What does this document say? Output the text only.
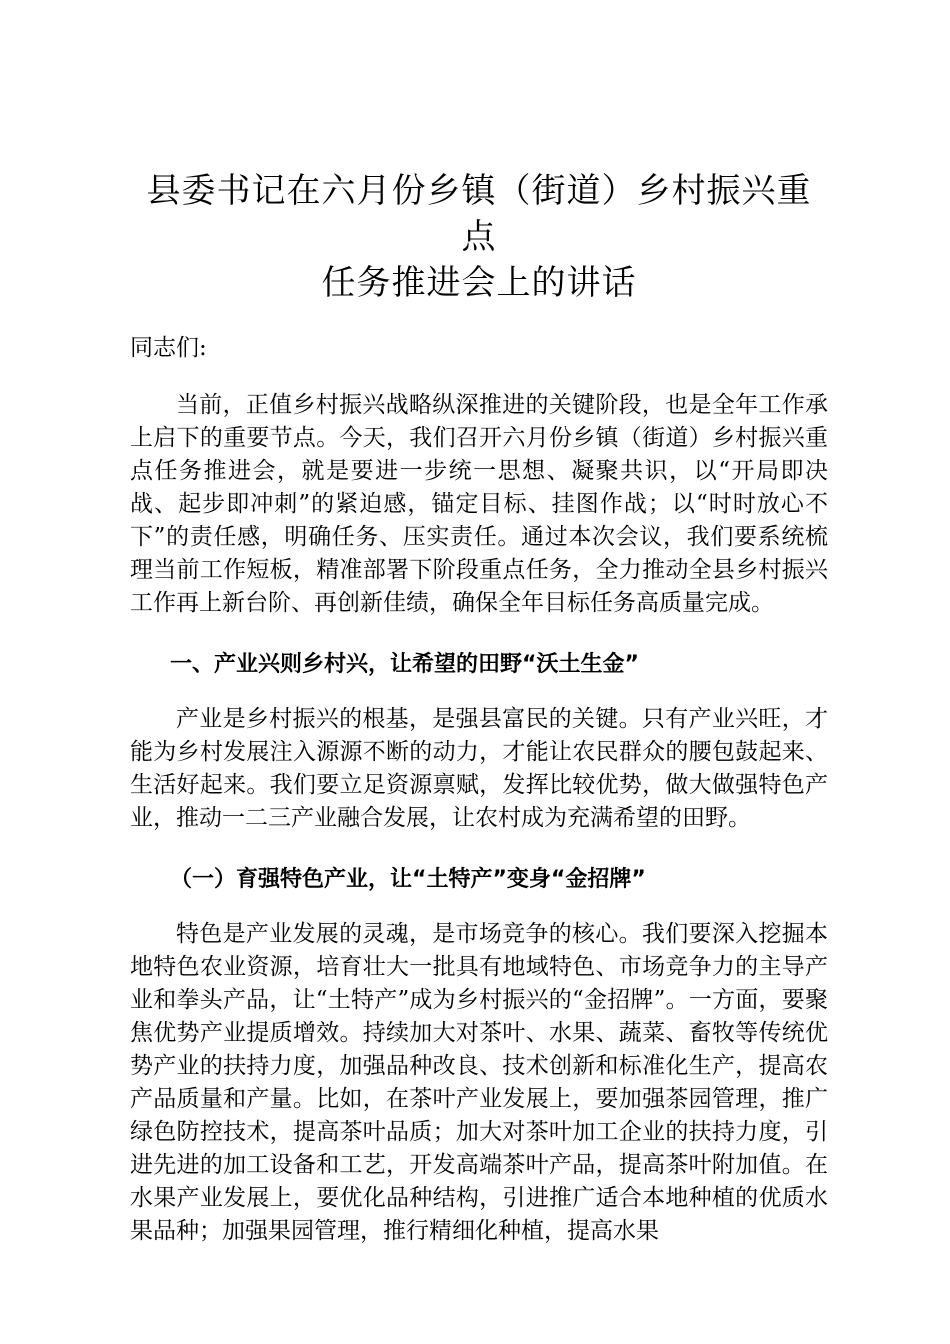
县委书记在六月份乡镇（街道）乡村振兴重点
任务推进会上的讲话

同志们:

当前，正值乡村振兴战略纵深推进的关键阶段，也是全年工作承上启下的重要节点。今天，我们召开六月份乡镇（街道）乡村振兴重点任务推进会，就是要进一步统一思想、凝聚共识，以“开局即决战、起步即冲刺”的紧迫感，锚定目标、挂图作战；以“时时放心不下”的责任感，明确任务、压实责任。通过本次会议，我们要系统梳理当前工作短板，精准部署下阶段重点任务，全力推动全县乡村振兴工作再上新台阶、再创新佳绩，确保全年目标任务高质量完成。

一、产业兴则乡村兴，让希望的田野“沃土生金”

产业是乡村振兴的根基，是强县富民的关键。只有产业兴旺，才能为乡村发展注入源源不断的动力，才能让农民群众的腰包鼓起来、生活好起来。我们要立足资源禀赋，发挥比较优势，做大做强特色产业，推动一二三产业融合发展，让农村成为充满希望的田野。

（一）育强特色产业，让“土特产”变身“金招牌”

特色是产业发展的灵魂，是市场竞争的核心。我们要深入挖掘本地特色农业资源，培育壮大一批具有地域特色、市场竞争力的主导产业和拳头产品，让“土特产”成为乡村振兴的“金招牌”。一方面，要聚焦优势产业提质增效。持续加大对茶叶、水果、蔬菜、畜牧等传统优势产业的扶持力度，加强品种改良、技术创新和标准化生产，提高农产品质量和产量。比如，在茶叶产业发展上，要加强茶园管理，推广绿色防控技术，提高茶叶品质；加大对茶叶加工企业的扶持力度，引进先进的加工设备和工艺，开发高端茶叶产品，提高茶叶附加值。在水果产业发展上，要优化品种结构，引进推广适合本地种植的优质水果品种；加强果园管理，推行精细化种植，提高水果
